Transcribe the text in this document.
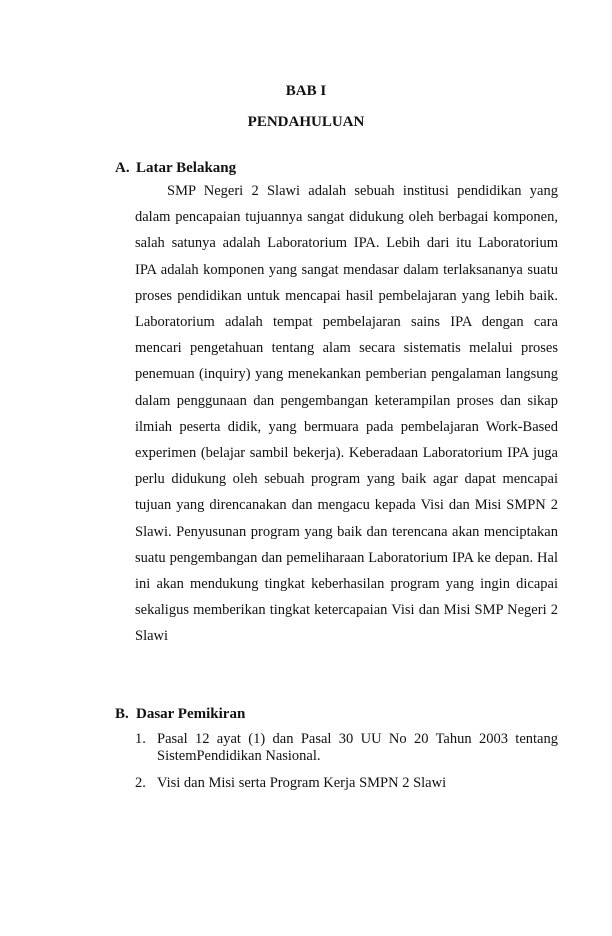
BAB I
PENDAHULUAN
A. Latar Belakang

SMP Negeri 2 Slawi adalah sebuah institusi pendidikan yang dalam pencapaian tujuannya sangat didukung oleh berbagai komponen, salah satunya adalah Laboratorium IPA. Lebih dari itu Laboratorium IPA adalah komponen yang sangat mendasar dalam terlaksananya suatu proses pendidikan untuk mencapai hasil pembelajaran yang lebih baik. Laboratorium adalah tempat pembelajaran sains IPA dengan cara mencari pengetahuan tentang alam secara sistematis melalui proses penemuan (inquiry) yang menekankan pemberian pengalaman langsung dalam penggunaan dan pengembangan keterampilan proses dan sikap ilmiah peserta didik, yang bermuara pada pembelajaran Work-Based experimen (belajar sambil bekerja). Keberadaan Laboratorium IPA juga perlu didukung oleh sebuah program yang baik agar dapat mencapai tujuan yang direncanakan dan mengacu kepada Visi dan Misi SMPN 2 Slawi. Penyusunan program yang baik dan terencana akan menciptakan suatu pengembangan dan pemeliharaan Laboratorium IPA ke depan. Hal ini akan mendukung tingkat keberhasilan program yang ingin dicapai sekaligus memberikan tingkat ketercapaian Visi dan Misi SMP Negeri 2 Slawi

B. Dasar Pemikiran
1. Pasal 12 ayat (1) dan Pasal 30 UU No 20 Tahun 2003 tentang SistemPendidikan Nasional.
2. Visi dan Misi serta Program Kerja SMPN 2 Slawi
